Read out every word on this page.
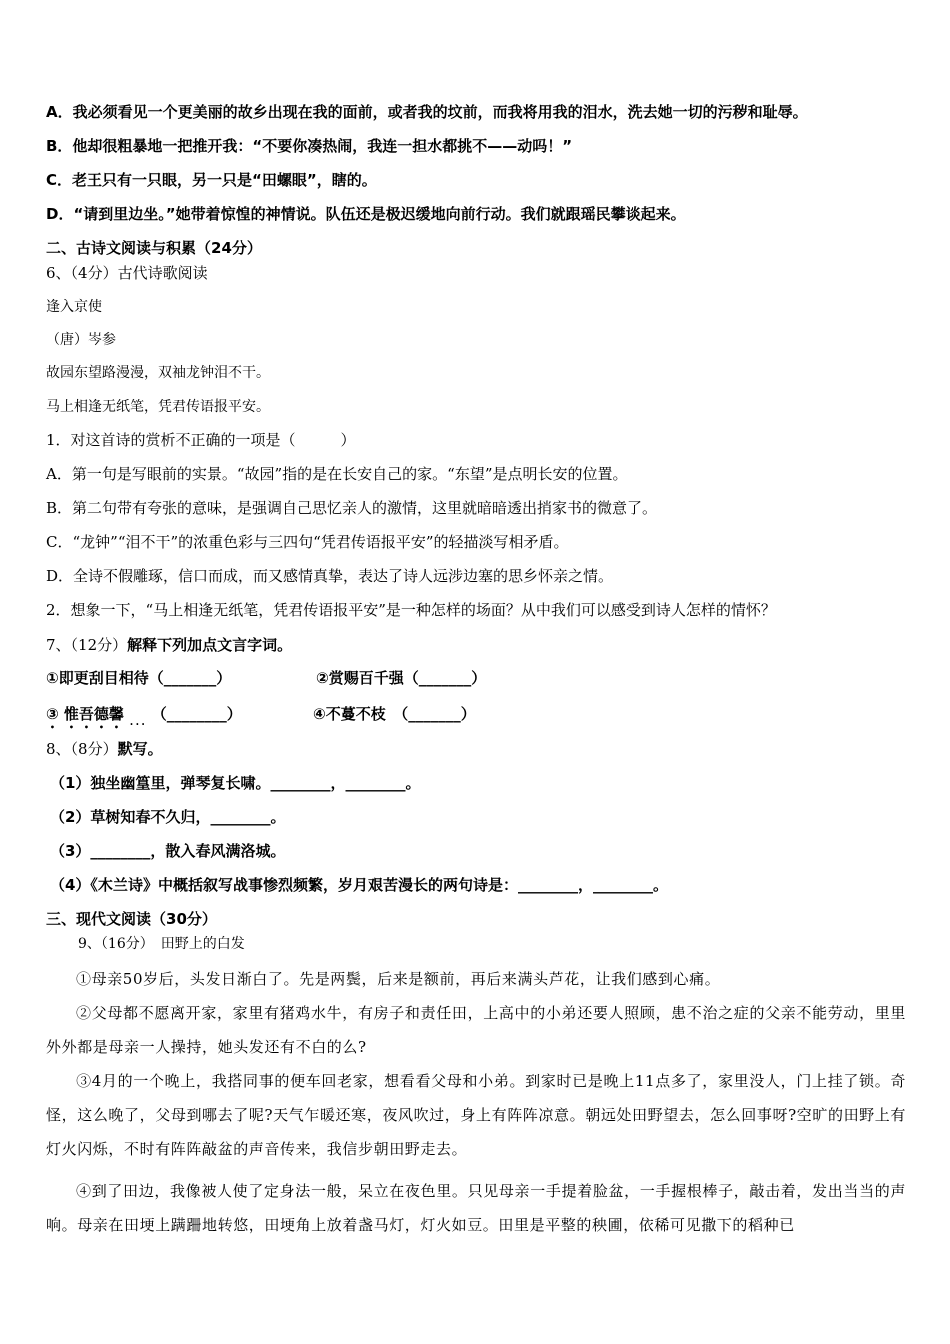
A．我必须看见一个更美丽的故乡出现在我的面前，或者我的坟前，而我将用我的泪水，洗去她一切的污秽和耻辱。
B．他却很粗暴地一把推开我：“不要你凑热闹，我连一担水都挑不——动吗！”
C．老王只有一只眼，另一只是“田螺眼”，瞎的。
D．“请到里边坐。”她带着惊惶的神情说。队伍还是极迟缓地向前行动。我们就跟瑶民攀谈起来。
二、古诗文阅读与积累（24分）
6、（4分）古代诗歌阅读
逢入京使
（唐）岑参
故园东望路漫漫，双袖龙钟泪不干。
马上相逢无纸笔，凭君传语报平安。
1．对这首诗的赏析不正确的一项是（　　　）
A．第一句是写眼前的实景。“故园”指的是在长安自己的家。“东望”是点明长安的位置。
B．第二句带有夸张的意味，是强调自己思忆亲人的激情，这里就暗暗透出捎家书的微意了。
C．“龙钟”“泪不干”的浓重色彩与三四句“凭君传语报平安”的轻描淡写相矛盾。
D．全诗不假雕琢，信口而成，而又感情真挚，表达了诗人远涉边塞的思乡怀亲之情。
2．想象一下，“马上相逢无纸笔，凭君传语报平安”是一种怎样的场面？从中我们可以感受到诗人怎样的情怀？
7、（12分）解释下列加点文言字词。
①即更刮目相待（_______）	②赏赐百千强（_______）
③ 惟吾德馨 ... （________）	④不蔓不枝　（_______）
8、（8分）默写。
（1）独坐幽篁里，弹琴复长啸。________，________。
（2）草树知春不久归，________。
（3）________，散入春风满洛城。
（4）《木兰诗》中概括叙写战事惨烈频繁，岁月艰苦漫长的两句诗是：________，________。
三、现代文阅读（30分）
9、（16分）　田野上的白发
①母亲50岁后，头发日渐白了。先是两鬓，后来是额前，再后来满头芦花，让我们感到心痛。
②父母都不愿离开家，家里有猪鸡水牛，有房子和责任田，上高中的小弟还要人照顾，患不治之症的父亲不能劳动，里里外外都是母亲一人操持，她头发还有不白的么?
③4月的一个晚上，我搭同事的便车回老家，想看看父母和小弟。到家时已是晚上11点多了，家里没人，门上挂了锁。奇怪，这么晚了，父母到哪去了呢?天气乍暖还寒，夜风吹过，身上有阵阵凉意。朝远处田野望去，怎么回事呀?空旷的田野上有灯火闪烁，不时有阵阵敲盆的声音传来，我信步朝田野走去。
④到了田边，我像被人使了定身法一般，呆立在夜色里。只见母亲一手提着脸盆，一手握根棒子，敲击着，发出当当的声响。母亲在田埂上蹒跚地转悠，田埂角上放着盏马灯，灯火如豆。田里是平整的秧圃，依稀可见撒下的稻种已
